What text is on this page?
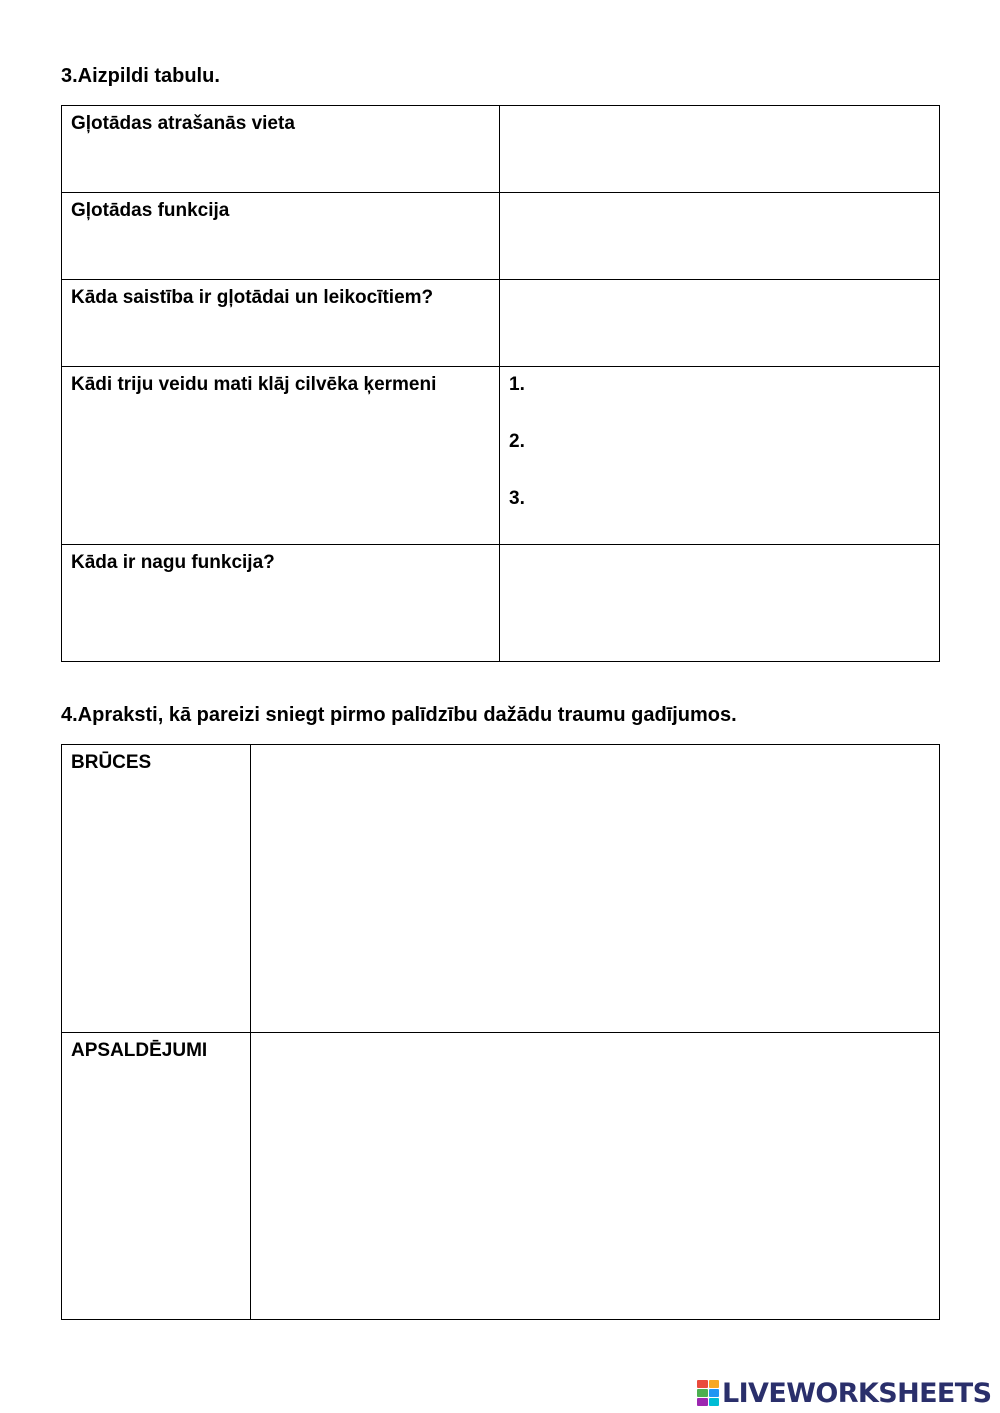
3.Aizpildi tabulu.
Gļotādas atrašanās vieta	
Gļotādas funkcija	
Kāda saistība ir gļotādai un leikocītiem?	
Kādi triju veidu mati klāj cilvēka ķermeni	1.
2.
3.

Kāda ir nagu funkcija?	
4.Apraksti, kā pareizi sniegt pirmo palīdzību dažādu traumu gadījumos.
BRŪCES	
APSALDĒJUMI	
LIVEWORKSHEETS
